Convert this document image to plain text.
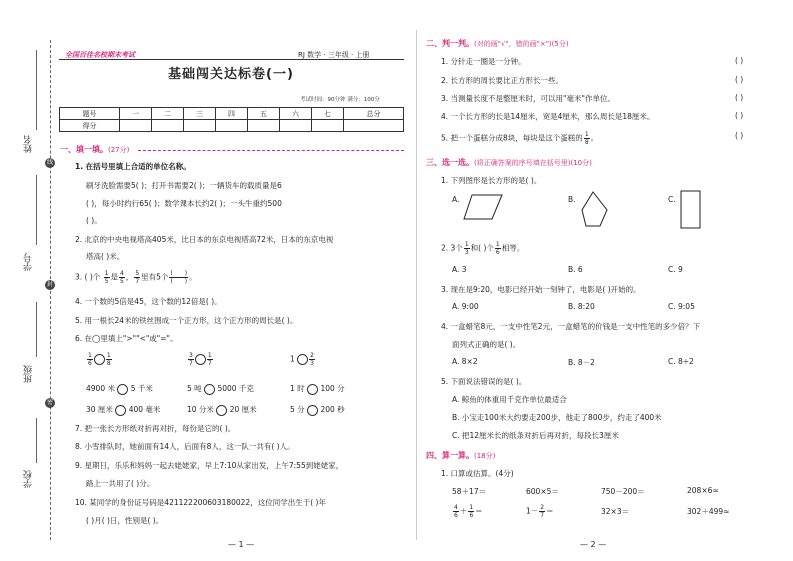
姓名
线
学号
封
班级
密
学校
全国百佳名校期末考试	RJ 数学 · 三年级 · 上册
基础闯关达标卷(一)
考试时间：90分钟 满分：100分
题号	一	二	三	四	五	六	七	总分
得分								
一、填一填。(27分)
1. 在括号里填上合适的单位名称。
刷牙洗脸需要5( )；打开书需要2( )；一辆货车的载质量是6
( )，每小时约行65( )；数学课本长约2( )；一头牛重约500
( )。
2. 北京的中央电视塔高405米，比日本的东京电视塔高72米，日本的东京电视
塔高( )米。
3. ( )个 $\frac{1}{5}$ 是 $\frac{4}{5}$ ， $\frac{5}{7}$ 里有5个 $\frac{( )}{( )}$ 。
4. 一个数的5倍是45，这个数的12倍是( )。
5. 用一根长24米的铁丝围成一个正方形，这个正方形的周长是( )。
6. 在◯里填上">""<"或"="。
$\frac{1}{6} \frac{1}{8}$	$\frac{3}{7} \frac{1}{7}$	$1 \frac{2}{3}$
4900 米 5 千米	5 吨 5000 千克	1 时 100 分
30 厘米 400 毫米	10 分米 20 厘米	5 分 200 秒
7. 把一张长方形纸对折再对折，每份是它的( )。
8. 小雪排队时，她前面有14人，后面有8人，这一队一共有( )人。
9. 星期日，乐乐和妈妈一起去姥姥家，早上7:10从家出发，上午7:55到姥姥家，
路上一共用了( )分。
10. 某同学的身份证号码是421122200603180022，这位同学出生于( )年
( )月( )日，性别是( )。
— 1 —
二、判一判。(对的画"√"，错的画"×")(5分)
1. 分针走一圈是一分钟。	( )
2. 长方形的周长要比正方形长一些。	( )
3. 当测量长度不是整厘米时，可以用"毫米"作单位。	( )
4. 一个长方形的长是14厘米，宽是4厘米，那么周长是18厘米。	( )
5. 把一个蛋糕分成8块，每块是这个蛋糕的 $\frac{1}{8}$ 。	( )
三、选一选。(将正确答案的序号填在括号里)(10分)
1. 下列图形是长方形的是( )。
A.	B.	C.
2. 3个 $\frac{1}{3}$ 和( )个 $\frac{1}{6}$ 相等。
A. 3	B. 6	C. 9
3. 现在是9:20，电影已经开始一刻钟了，电影是( )开始的。
A. 9:00	B. 8:20	C. 9:05
4. 一盒蜡笔8元，一支中性笔2元，一盒蜡笔的价钱是一支中性笔的多少倍？下
面列式正确的是( )。
A. 8×2	B. 8－2	C. 8÷2
5. 下面说法错误的是( )。
A. 鲸鱼的体重用千克作单位最适合
B. 小宝走100米大约要走200步，他走了800步，约走了400米
C. 把12厘米长的纸条对折后再对折，每段长3厘米
四、算一算。(18分)
1. 口算或估算。(4分)
58＋17＝	600×5＝	750－200＝	208×6≈
$\frac{4}{6} + \frac{1}{6}$ ＝	$1- \frac{2}{7}$ ＝	32×3＝	302＋499≈
— 2 —
